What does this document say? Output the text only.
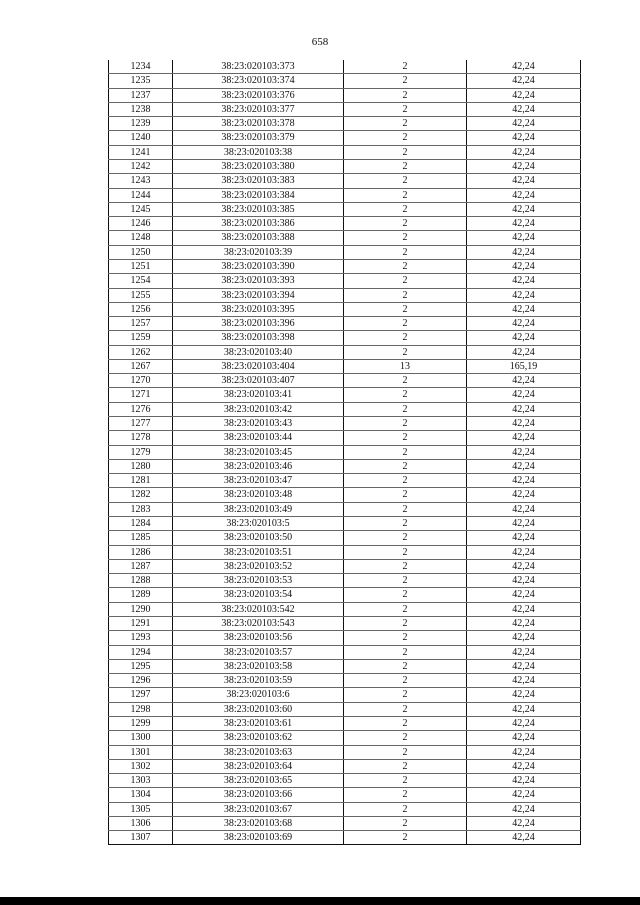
658
1234	38:23:020103:373	2	42,24
1235	38:23:020103:374	2	42,24
1237	38:23:020103:376	2	42,24
1238	38:23:020103:377	2	42,24
1239	38:23:020103:378	2	42,24
1240	38:23:020103:379	2	42,24
1241	38:23:020103:38	2	42,24
1242	38:23:020103:380	2	42,24
1243	38:23:020103:383	2	42,24
1244	38:23:020103:384	2	42,24
1245	38:23:020103:385	2	42,24
1246	38:23:020103:386	2	42,24
1248	38:23:020103:388	2	42,24
1250	38:23:020103:39	2	42,24
1251	38:23:020103:390	2	42,24
1254	38:23:020103:393	2	42,24
1255	38:23:020103:394	2	42,24
1256	38:23:020103:395	2	42,24
1257	38:23:020103:396	2	42,24
1259	38:23:020103:398	2	42,24
1262	38:23:020103:40	2	42,24
1267	38:23:020103:404	13	165,19
1270	38:23:020103:407	2	42,24
1271	38:23:020103:41	2	42,24
1276	38:23:020103:42	2	42,24
1277	38:23:020103:43	2	42,24
1278	38:23:020103:44	2	42,24
1279	38:23:020103:45	2	42,24
1280	38:23:020103:46	2	42,24
1281	38:23:020103:47	2	42,24
1282	38:23:020103:48	2	42,24
1283	38:23:020103:49	2	42,24
1284	38:23:020103:5	2	42,24
1285	38:23:020103:50	2	42,24
1286	38:23:020103:51	2	42,24
1287	38:23:020103:52	2	42,24
1288	38:23:020103:53	2	42,24
1289	38:23:020103:54	2	42,24
1290	38:23:020103:542	2	42,24
1291	38:23:020103:543	2	42,24
1293	38:23:020103:56	2	42,24
1294	38:23:020103:57	2	42,24
1295	38:23:020103:58	2	42,24
1296	38:23:020103:59	2	42,24
1297	38:23:020103:6	2	42,24
1298	38:23:020103:60	2	42,24
1299	38:23:020103:61	2	42,24
1300	38:23:020103:62	2	42,24
1301	38:23:020103:63	2	42,24
1302	38:23:020103:64	2	42,24
1303	38:23:020103:65	2	42,24
1304	38:23:020103:66	2	42,24
1305	38:23:020103:67	2	42,24
1306	38:23:020103:68	2	42,24
1307	38:23:020103:69	2	42,24
